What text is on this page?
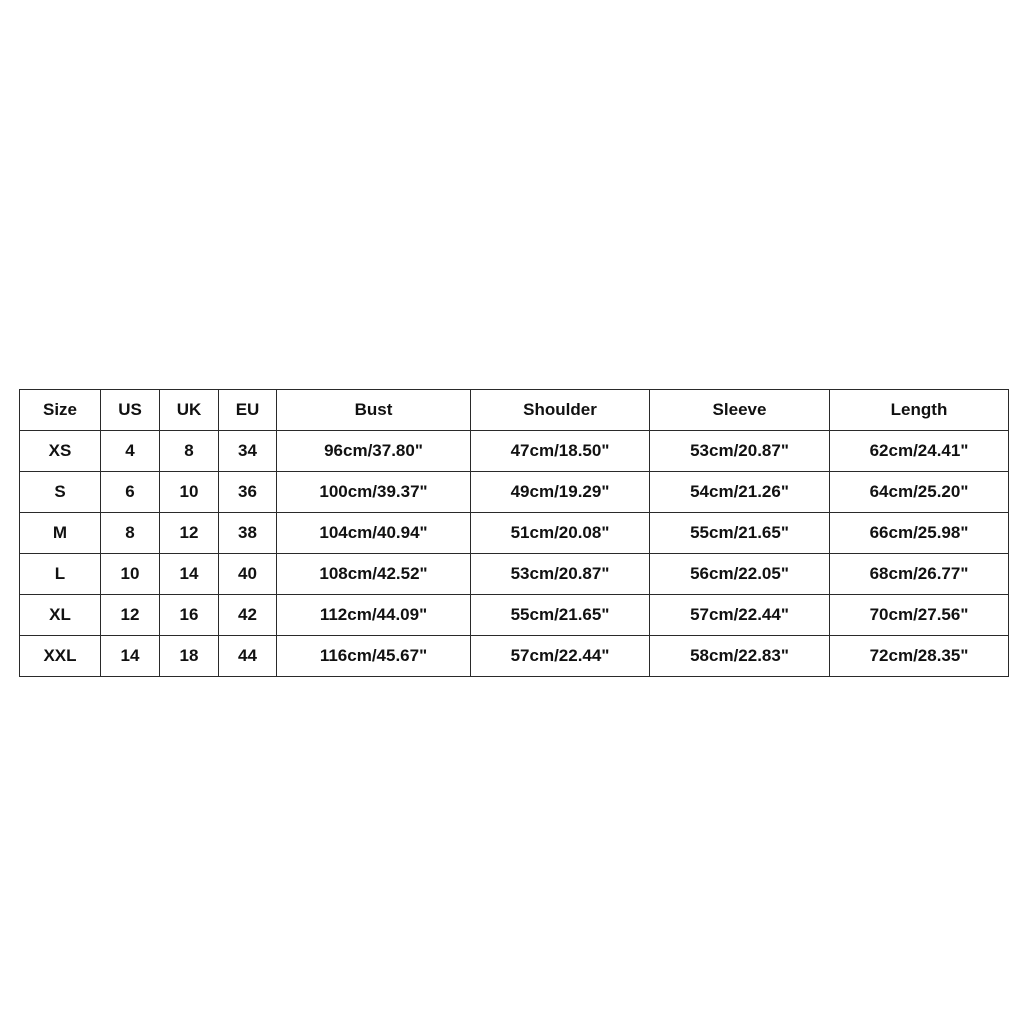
Size	US	UK	EU	Bust	Shoulder	Sleeve	Length
XS	4	8	34	96cm/37.80"	47cm/18.50"	53cm/20.87"	62cm/24.41"
S	6	10	36	100cm/39.37"	49cm/19.29"	54cm/21.26"	64cm/25.20"
M	8	12	38	104cm/40.94"	51cm/20.08"	55cm/21.65"	66cm/25.98"
L	10	14	40	108cm/42.52"	53cm/20.87"	56cm/22.05"	68cm/26.77"
XL	12	16	42	112cm/44.09"	55cm/21.65"	57cm/22.44"	70cm/27.56"
XXL	14	18	44	116cm/45.67"	57cm/22.44"	58cm/22.83"	72cm/28.35"
